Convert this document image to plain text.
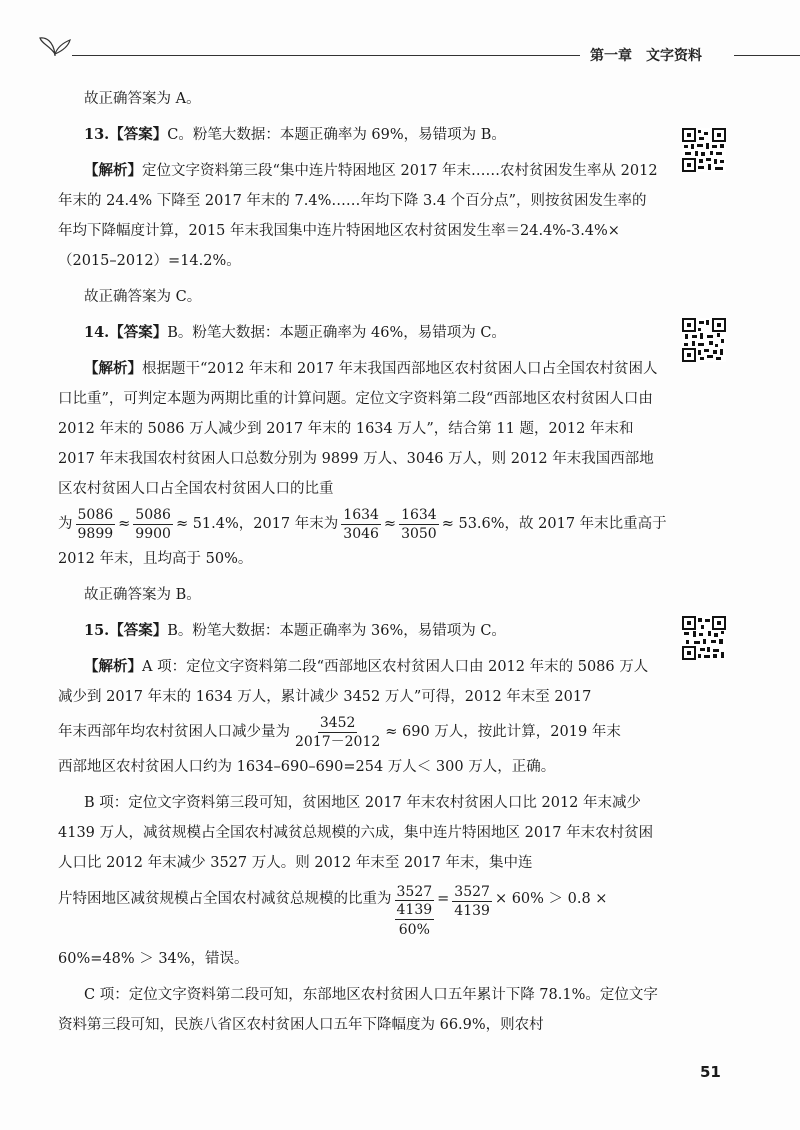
第一章 文字资料

故正确答案为 A。

13.【答案】C。粉笔大数据：本题正确率为 69%，易错项为 B。

【解析】定位文字资料第三段“集中连片特困地区 2017 年末……农村贫困发生率从 2012 年末的 24.4% 下降至 2017 年末的 7.4%……年均下降 3.4 个百分点”，则按贫困发生率的年均下降幅度计算，2015 年末我国集中连片特困地区农村贫困发生率＝24.4%-3.4%×（2015–2012）=14.2%。

故正确答案为 C。

14.【答案】B。粉笔大数据：本题正确率为 46%，易错项为 C。

【解析】根据题干“2012 年末和 2017 年末我国西部地区农村贫困人口占全国农村贫困人口比重”，可判定本题为两期比重的计算问题。定位文字资料第二段“西部地区农村贫困人口由 2012 年末的 5086 万人减少到 2017 年末的 1634 万人”，结合第 11 题，2012 年末和 2017 年末我国农村贫困人口总数分别为 9899 万人、3046 万人，则 2012 年末我国西部地区农村贫困人口占全国农村贫困人口的比重

为 $\frac{5086}{9899} \approx \frac{5086}{9900} \approx 51.4\%$，2017 年末为 $\frac{1634}{3046} \approx \frac{1634}{3050} \approx 53.6\%$，故 2017 年末比重高于

2012 年末，且均高于 50%。

故正确答案为 B。

15.【答案】B。粉笔大数据：本题正确率为 36%，易错项为 C。

【解析】A 项：定位文字资料第二段“西部地区农村贫困人口由 2012 年末的 5086 万人减少到 2017 年末的 1634 万人，累计减少 3452 万人”可得，2012 年末至 2017

年末西部年均农村贫困人口减少量为 $\frac{3452}{2017-2012} \approx 690$ 万人，按此计算，2019 年末

西部地区农村贫困人口约为 1634–690–690=254 万人＜ 300 万人，正确。

B 项：定位文字资料第三段可知，贫困地区 2017 年末农村贫困人口比 2012 年末减少 4139 万人，减贫规模占全国农村减贫总规模的六成，集中连片特困地区 2017 年末农村贫困人口比 2012 年末减少 3527 万人。则 2012 年末至 2017 年末，集中连

片特困地区减贫规模占全国农村减贫总规模的比重为 3527
4139
60%
= $\frac{3527}{4139} \times 60\% > 0.8$ ×

60%=48% ＞ 34%，错误。

C 项：定位文字资料第二段可知，东部地区农村贫困人口五年累计下降 78.1%。定位文字资料第三段可知，民族八省区农村贫困人口五年下降幅度为 66.9%，则农村

51
